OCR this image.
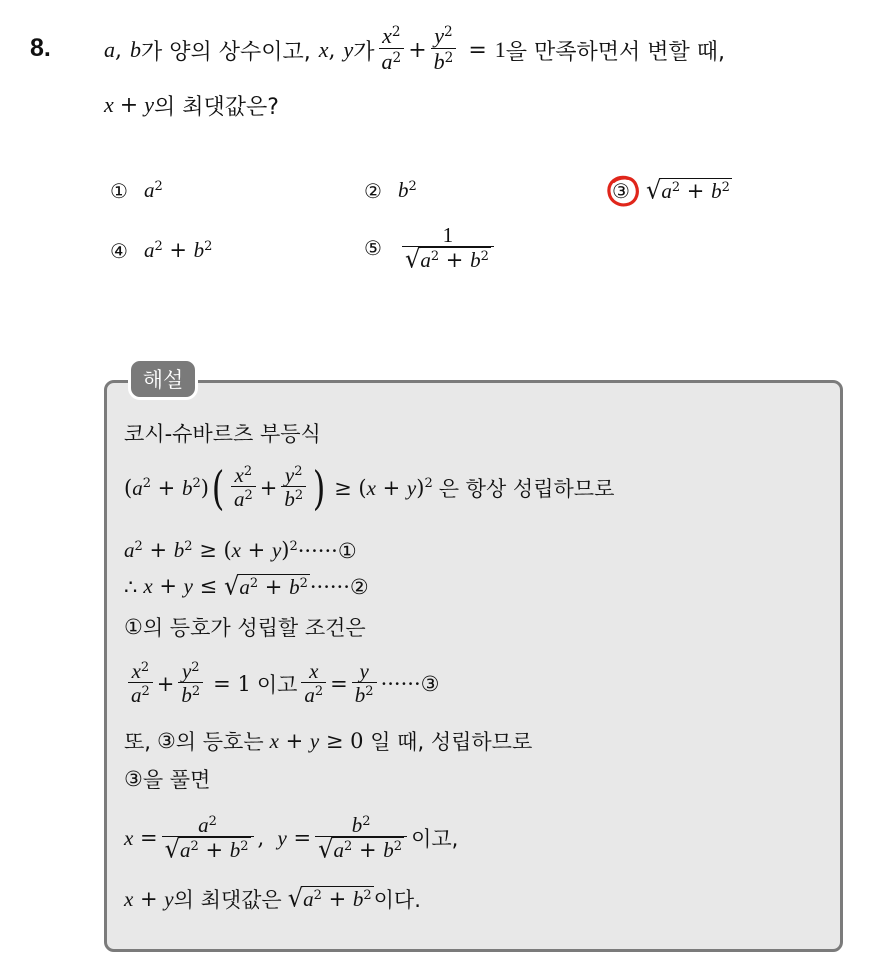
8. a , b 가 양의 상수이고, x , y 가 $\frac{x^2}{a^2} + \frac{y^2}{b^2} = 1$ 을 만족하면서 변할 때,
x + y 의 최댓값은?
① $a^2$	② $b^2$	③ √ $a^2 + b^2$
④ $a^2 + b^2$	⑤ $\frac{1}{√ a^2 + b^2}$
해설
코시-슈바르츠 부등식
$(a^2 + b^2)$ ( $\frac{x^2}{a^2} + \frac{y^2}{b^2}$ ) ≥ $(x + y)^2$ 은 항상 성립하므로
$a^2 + b^2 \ge (x + y)^2$ ······ ①
∴ x + y ≤ √ $a^2 + b^2$ ······ ②
① 의 등호가 성립할 조건은
$\frac{x^2}{a^2} + \frac{y^2}{b^2} = 1$ 이고 $\frac{x}{a^2} = \frac{y}{b^2}$ ······ ③
또, ③ 의 등호는 x + y ≥ 0 일 때, 성립하므로
③ 을 풀면
$x = \frac{a^2}{√ a^2 + b^2}$ ,  $y = \frac{b^2}{√ a^2 + b^2}$ 이고,
x + y 의 최댓값은 √ $a^2 + b^2$ 이다.
